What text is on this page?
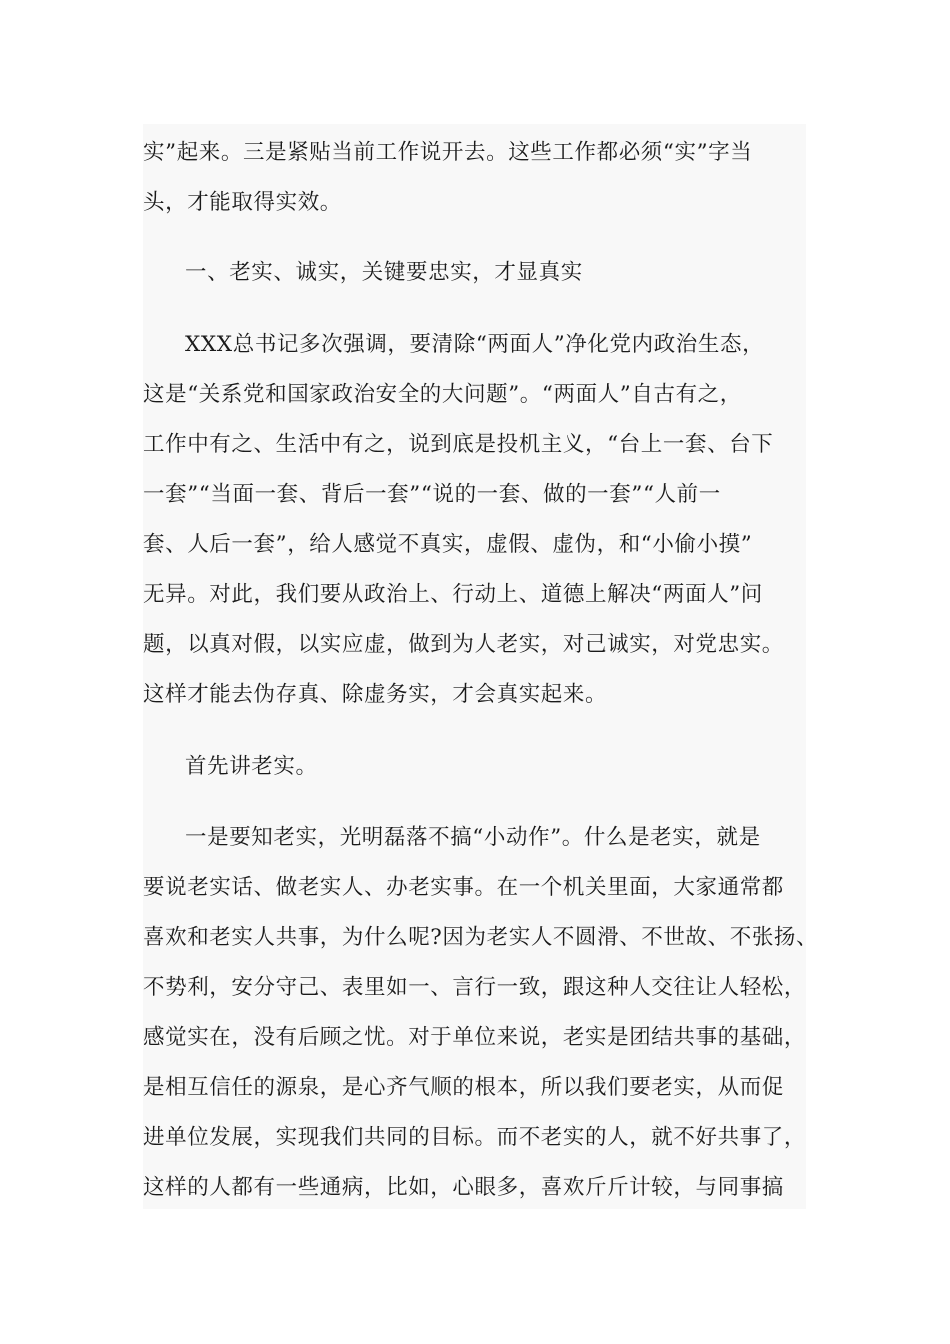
实”起来。三是紧贴当前工作说开去。这些工作都必须“实”字当
头，才能取得实效。
一、老实、诚实，关键要忠实，才显真实
XXX总书记多次强调，要清除“两面人”净化党内政治生态，
这是“关系党和国家政治安全的大问题”。“两面人”自古有之，
工作中有之、生活中有之，说到底是投机主义，“台上一套、台下
一套”“当面一套、背后一套”“说的一套、做的一套”“人前一
套、人后一套”，给人感觉不真实，虚假、虚伪，和“小偷小摸”
无异。对此，我们要从政治上、行动上、道德上解决“两面人”问
题，以真对假，以实应虚，做到为人老实，对己诚实，对党忠实。
这样才能去伪存真、除虚务实，才会真实起来。
首先讲老实。
一是要知老实，光明磊落不搞“小动作”。什么是老实，就是
要说老实话、做老实人、办老实事。在一个机关里面，大家通常都
喜欢和老实人共事，为什么呢?因为老实人不圆滑、不世故、不张扬、
不势利，安分守己、表里如一、言行一致，跟这种人交往让人轻松，
感觉实在，没有后顾之忧。对于单位来说，老实是团结共事的基础，
是相互信任的源泉，是心齐气顺的根本，所以我们要老实，从而促
进单位发展，实现我们共同的目标。而不老实的人，就不好共事了，
这样的人都有一些通病，比如，心眼多，喜欢斤斤计较，与同事搞
